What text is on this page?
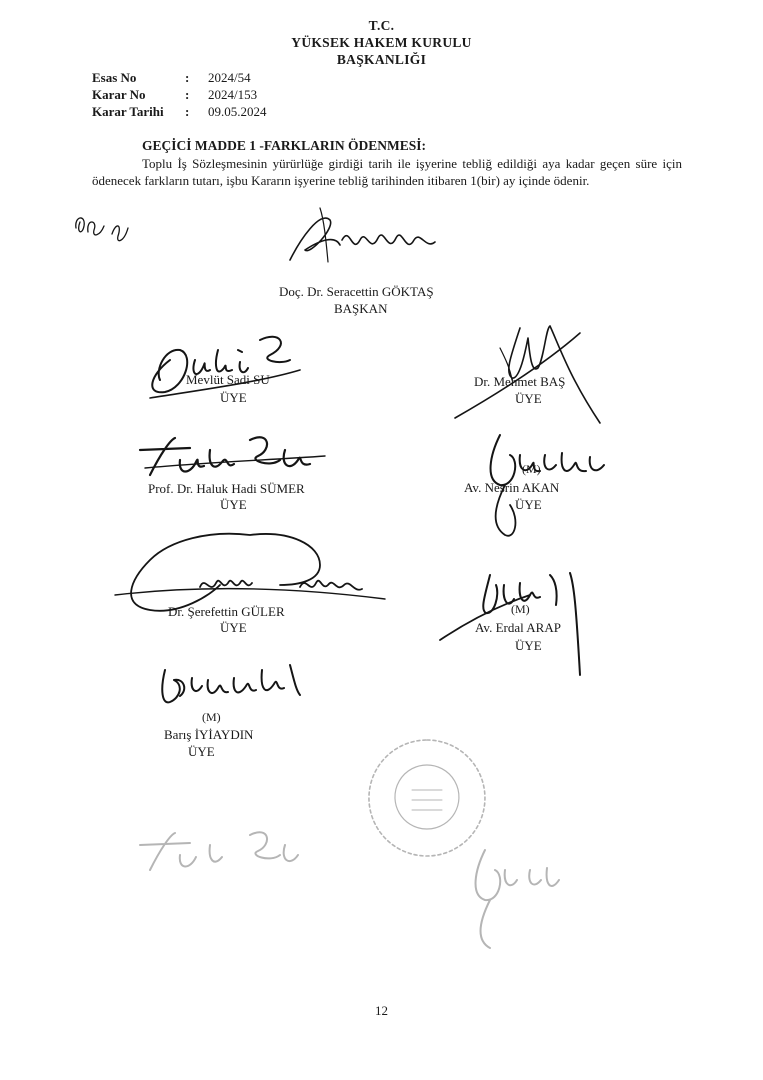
T.C.
YÜKSEK HAKEM KURULU
BAŞKANLIĞI
Esas No	: 2024/54
Karar No	: 2024/153
Karar Tarihi : 09.05.2024
GEÇİCİ MADDE 1 -FARKLARIN ÖDENMESİ:
Toplu İş Sözleşmesinin yürürlüğe girdiği tarih ile işyerine tebliğ edildiği aya kadar geçen süre için ödenecek farkların tutarı, işbu Kararın işyerine tebliğ tarihinden itibaren 1(bir) ay içinde ödenir.
Doç. Dr. Seracettin GÖKTAŞ
BAŞKAN
Mevlüt Sadi SU
ÜYE
Dr. Mehmet BAŞ
ÜYE
Prof. Dr. Haluk Hadi SÜMER
ÜYE
(M)
Av. Nesrin AKAN
ÜYE
Dr. Şerefettin GÜLER
ÜYE
(M)
Av. Erdal ARAP
ÜYE
(M)
Barış İYİAYDIN
ÜYE
12
